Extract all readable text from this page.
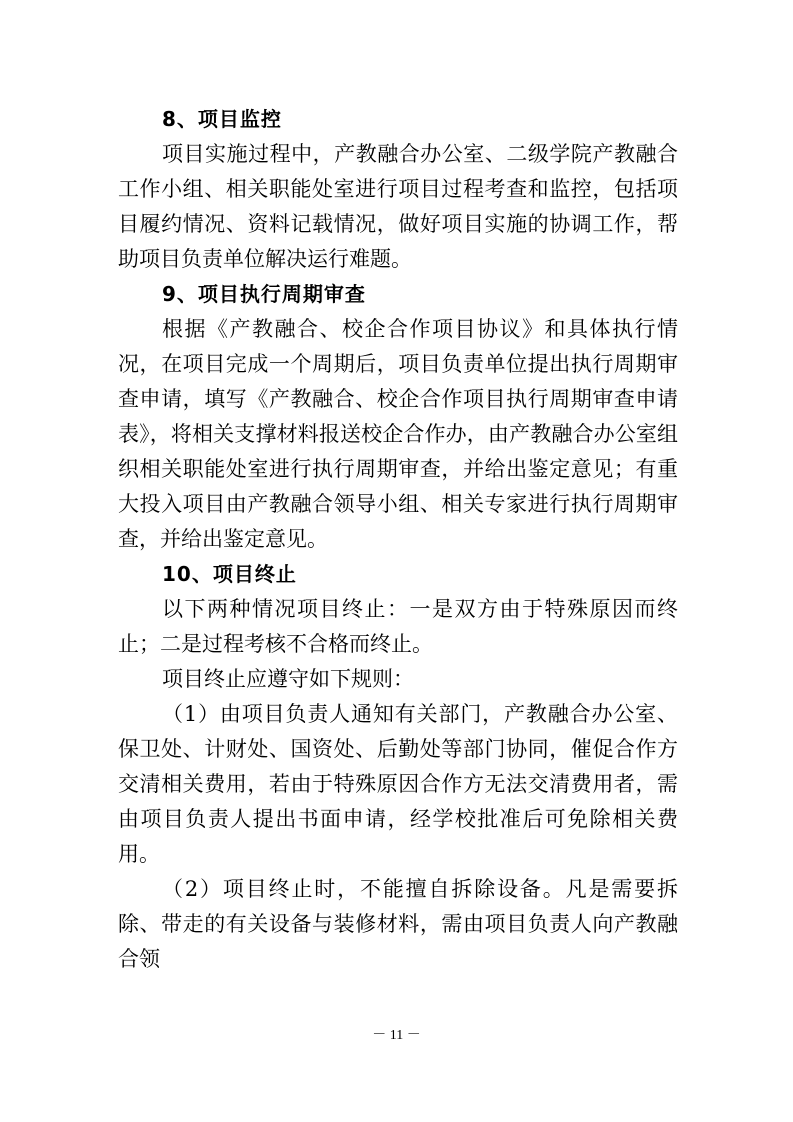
8、项目监控

项目实施过程中，产教融合办公室、二级学院产教融合工作小组、相关职能处室进行项目过程考查和监控，包括项目履约情况、资料记载情况，做好项目实施的协调工作，帮助项目负责单位解决运行难题。

9、项目执行周期审查

根据《产教融合、校企合作项目协议》和具体执行情况，在项目完成一个周期后，项目负责单位提出执行周期审查申请，填写《产教融合、校企合作项目执行周期审查申请表》，将相关支撑材料报送校企合作办，由产教融合办公室组织相关职能处室进行执行周期审查，并给出鉴定意见；有重大投入项目由产教融合领导小组、相关专家进行执行周期审查，并给出鉴定意见。

10、项目终止

以下两种情况项目终止：一是双方由于特殊原因而终止；二是过程考核不合格而终止。

项目终止应遵守如下规则：

（1）由项目负责人通知有关部门，产教融合办公室、保卫处、计财处、国资处、后勤处等部门协同，催促合作方交清相关费用，若由于特殊原因合作方无法交清费用者，需由项目负责人提出书面申请，经学校批准后可免除相关费用。

（2）项目终止时，不能擅自拆除设备。凡是需要拆除、带走的有关设备与装修材料，需由项目负责人向产教融合领

－ 11 －
